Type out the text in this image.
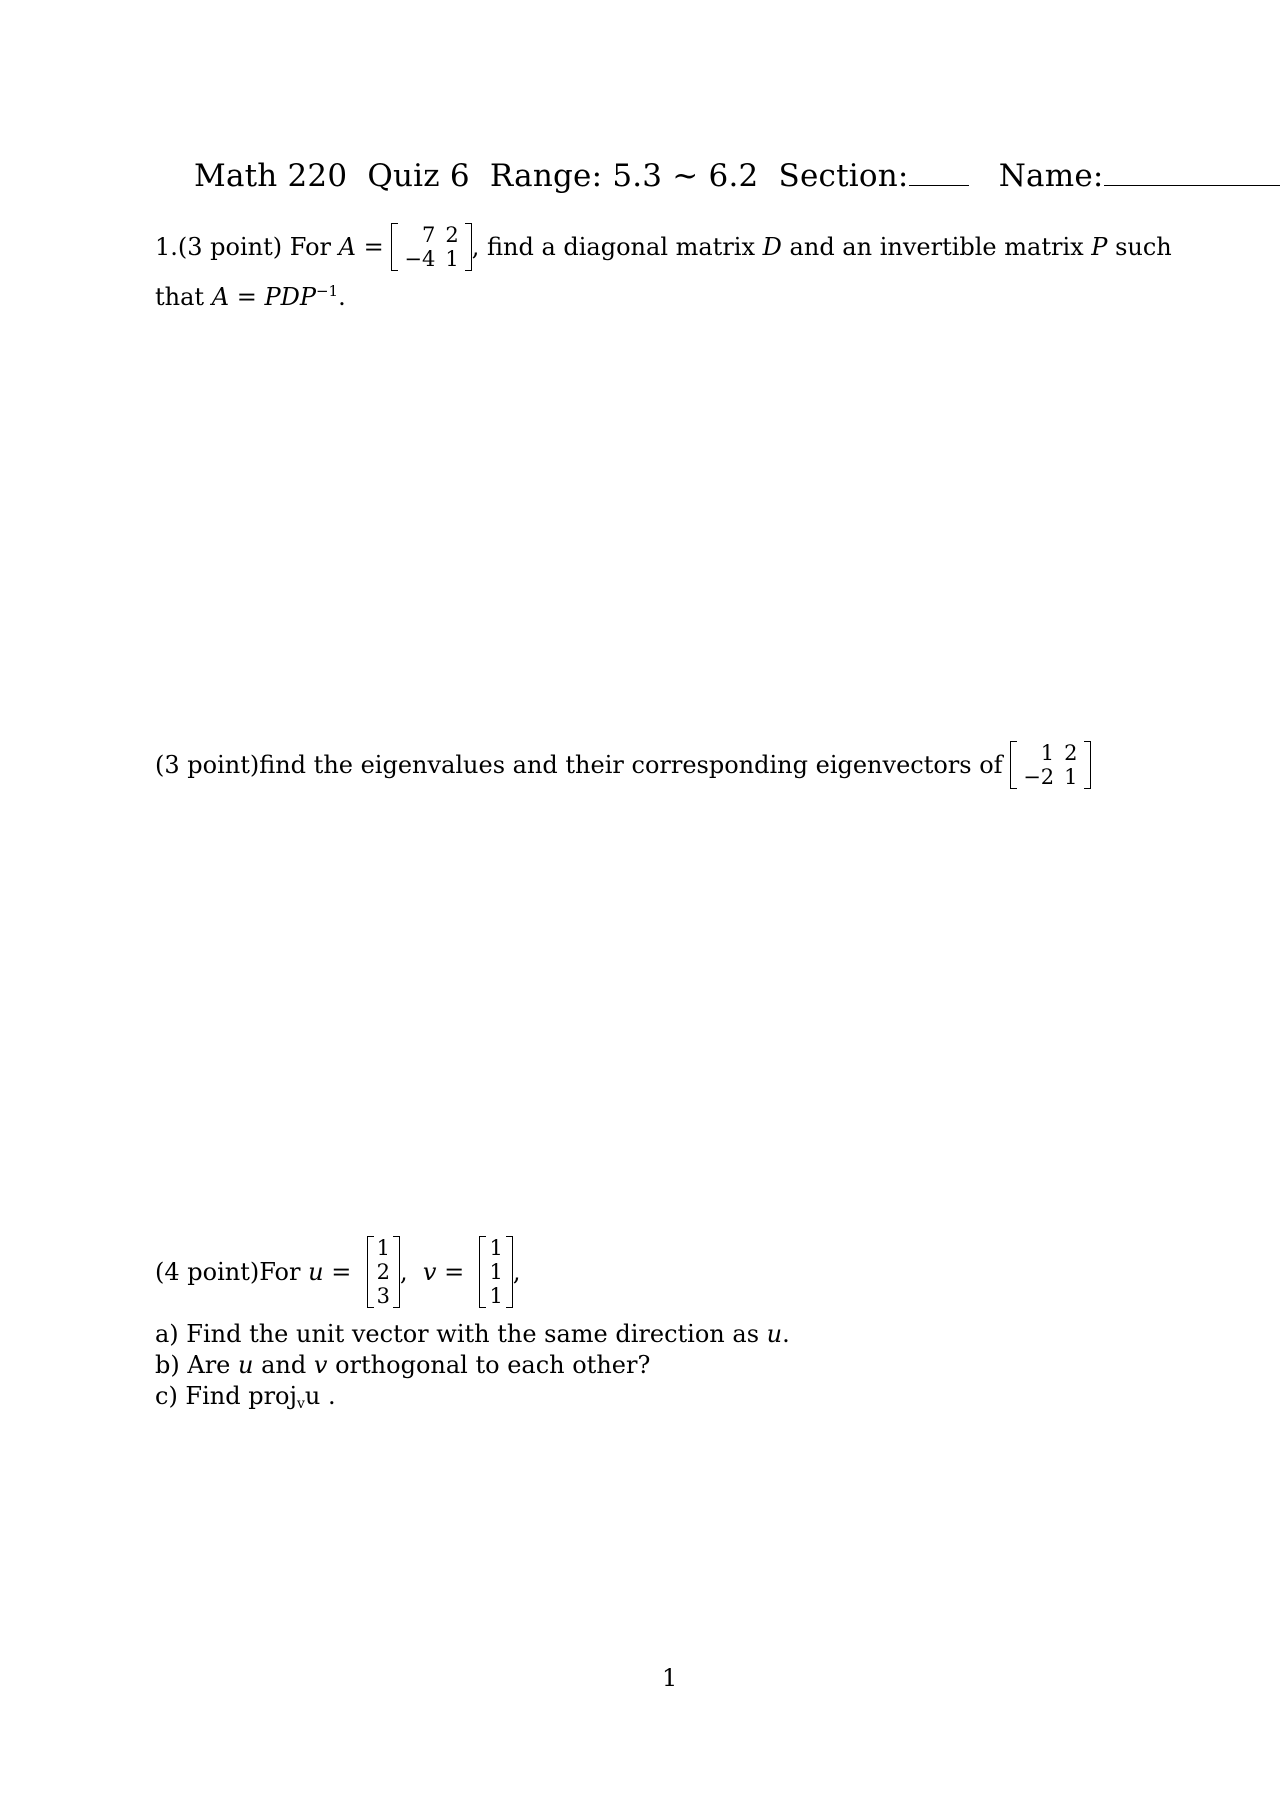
Math 220 Quiz 6 Range: 5.3 ~ 6.2 Section:	Name:
1.(3 point) For
A
=
7	2
−4	1 , find a diagonal matrix
D
and an invertible matrix
P
such
that $A = PDP^{-1}$.
(3 point)find the eigenvalues and their corresponding eigenvectors of
1	2
−2	1
(4 point)For
u
=

1
2
3
,
v
=

1
1
1
,
a) Find the unit vector with the same direction as u.
b) Are u and v orthogonal to each other?
c) Find proj$_v$u .
1
